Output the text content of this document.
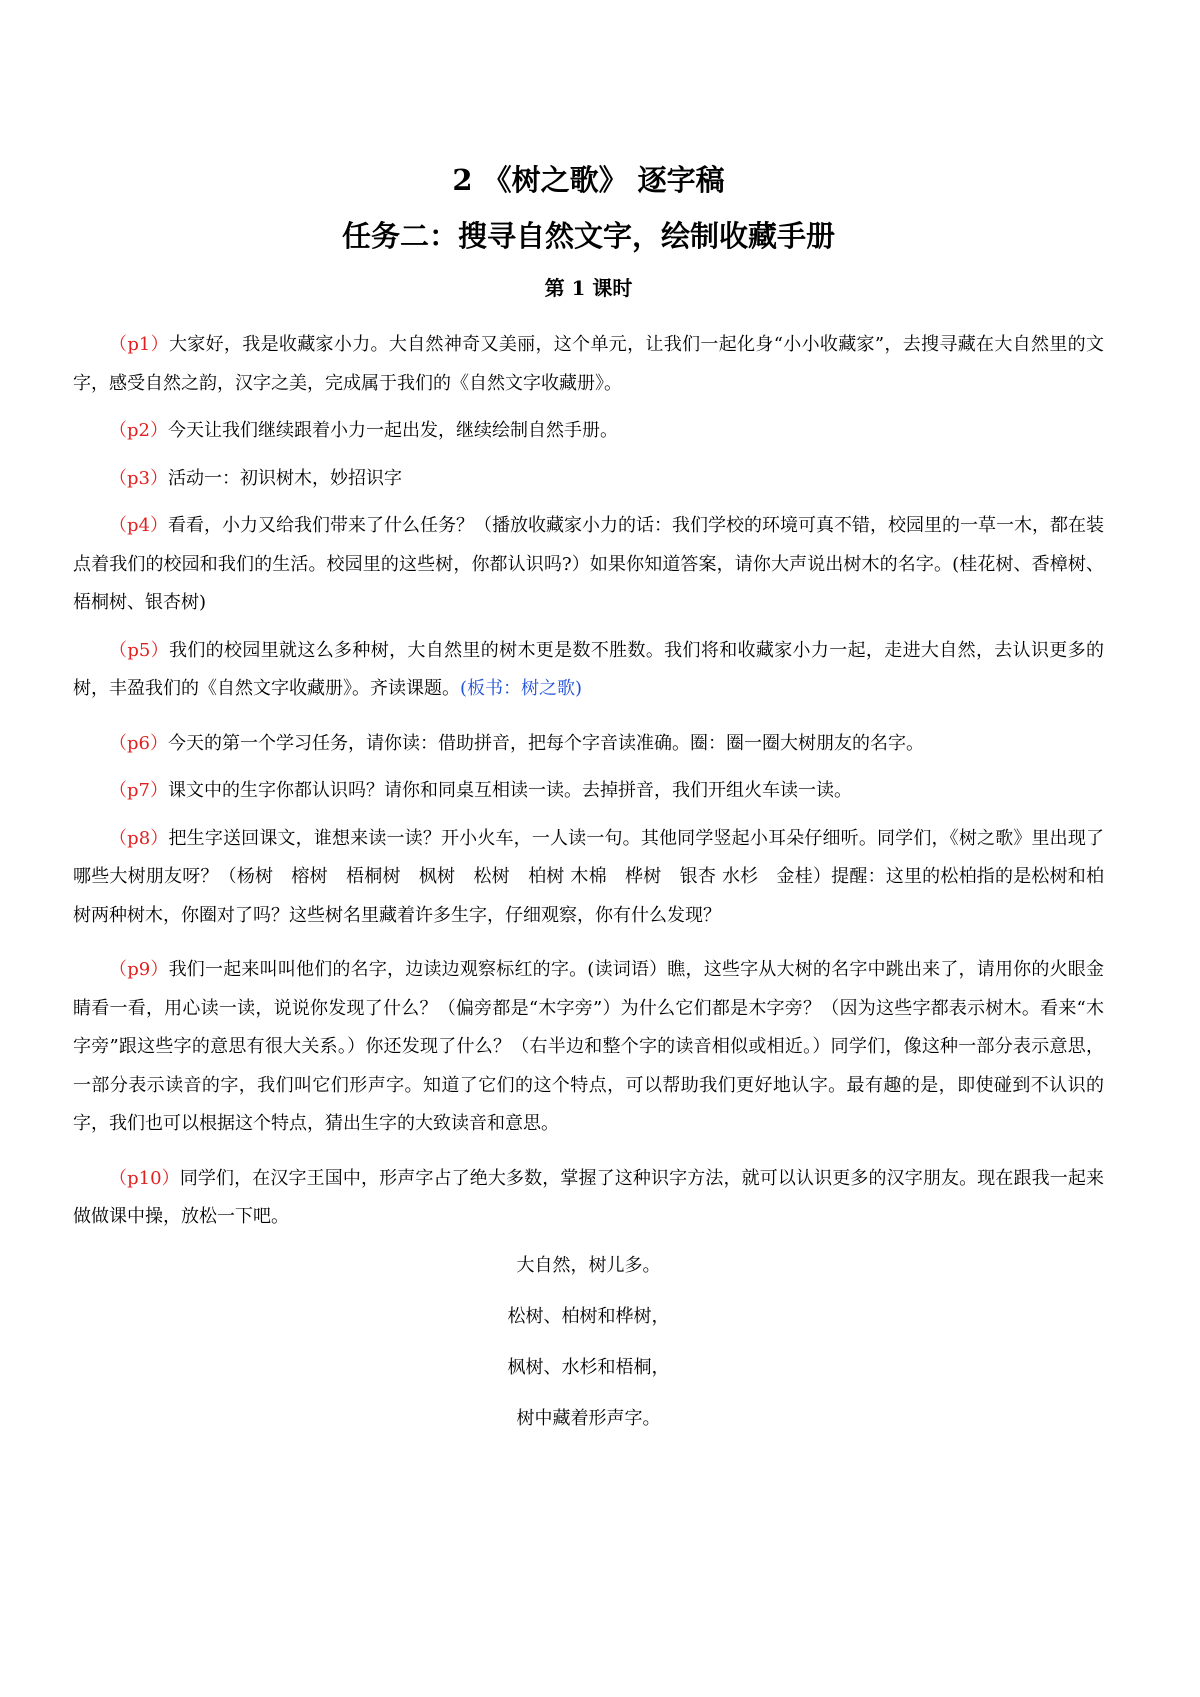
2 《树之歌》 逐字稿
任务二：搜寻自然文字，绘制收藏手册
第 1 课时

（p1）大家好，我是收藏家小力。大自然神奇又美丽，这个单元，让我们一起化身“小小收藏家”，去搜寻藏在大自然里的文字，感受自然之韵，汉字之美，完成属于我们的《自然文字收藏册》。

（p2）今天让我们继续跟着小力一起出发，继续绘制自然手册。

（p3）活动一：初识树木，妙招识字

（p4）看看，小力又给我们带来了什么任务？（播放收藏家小力的话：我们学校的环境可真不错，校园里的一草一木，都在装点着我们的校园和我们的生活。校园里的这些树，你都认识吗?）如果你知道答案，请你大声说出树木的名字。(桂花树、香樟树、梧桐树、银杏树)

（p5）我们的校园里就这么多种树，大自然里的树木更是数不胜数。我们将和收藏家小力一起，走进大自然，去认识更多的树，丰盈我们的《自然文字收藏册》。齐读课题。(板书：树之歌)

（p6）今天的第一个学习任务，请你读：借助拼音，把每个字音读准确。圈：圈一圈大树朋友的名字。

（p7）课文中的生字你都认识吗？请你和同桌互相读一读。去掉拼音，我们开组火车读一读。

（p8）把生字送回课文，谁想来读一读？开小火车，一人读一句。其他同学竖起小耳朵仔细听。同学们，《树之歌》里出现了哪些大树朋友呀？（杨树　榕树　梧桐树　枫树　松树　柏树 木棉　桦树　银杏 水杉　金桂）提醒：这里的松柏指的是松树和柏树两种树木，你圈对了吗？这些树名里藏着许多生字，仔细观察，你有什么发现？

（p9）我们一起来叫叫他们的名字，边读边观察标红的字。(读词语）瞧，这些字从大树的名字中跳出来了，请用你的火眼金睛看一看，用心读一读，说说你发现了什么？（偏旁都是“木字旁”）为什么它们都是木字旁？（因为这些字都表示树木。看来“木字旁”跟这些字的意思有很大关系。）你还发现了什么？（右半边和整个字的读音相似或相近。）同学们，像这种一部分表示意思，一部分表示读音的字，我们叫它们形声字。知道了它们的这个特点，可以帮助我们更好地认字。最有趣的是，即使碰到不认识的字，我们也可以根据这个特点，猜出生字的大致读音和意思。

（p10）同学们，在汉字王国中，形声字占了绝大多数，掌握了这种识字方法，就可以认识更多的汉字朋友。现在跟我一起来做做课中操，放松一下吧。

大自然，树儿多。
松树、柏树和桦树，
枫树、水杉和梧桐，
树中藏着形声字。
